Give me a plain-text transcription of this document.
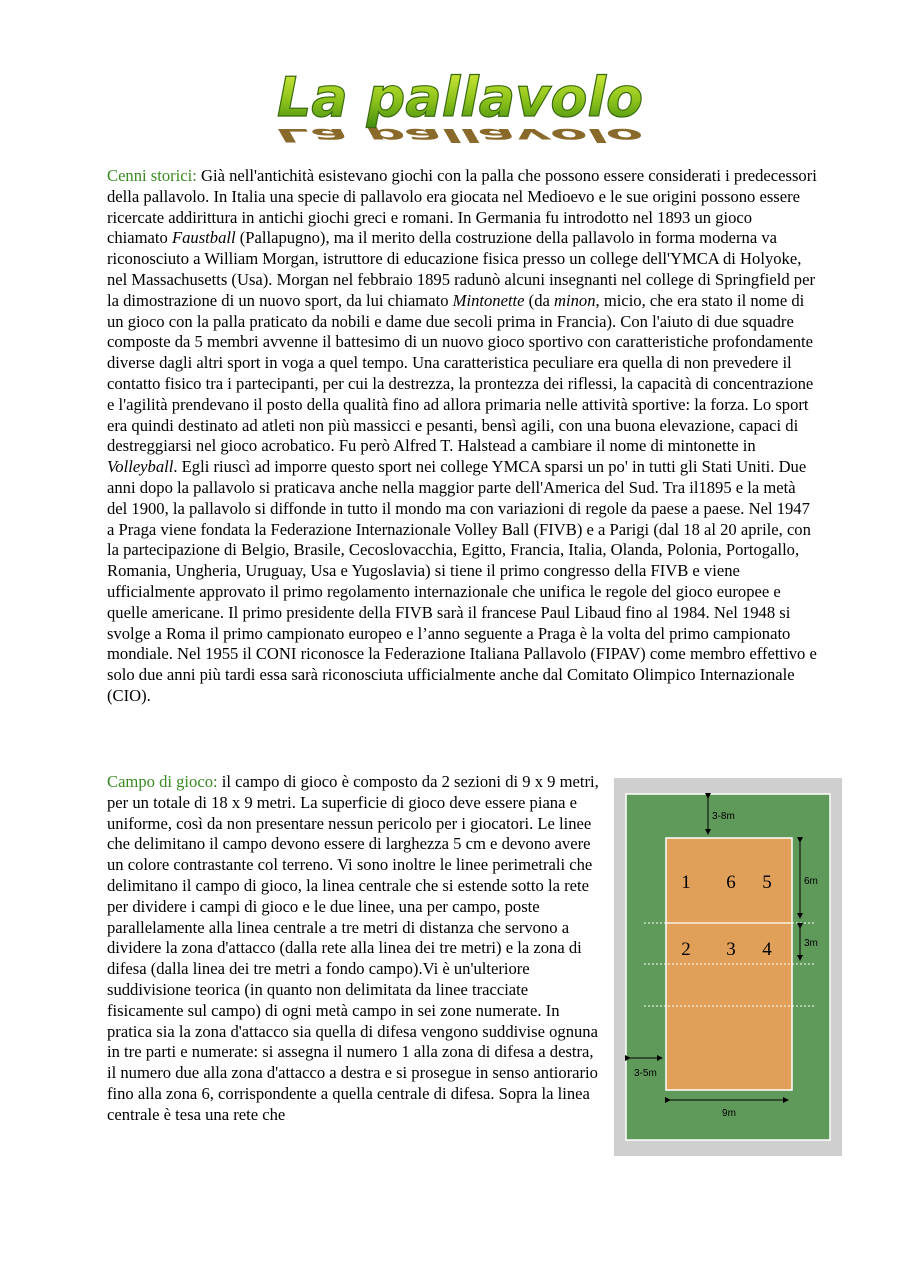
La pallavolo
La pallavolo

Cenni storici: Già nell'antichità esistevano giochi con la palla che possono essere considerati i predecessori della pallavolo. In Italia una specie di pallavolo era giocata nel Medioevo e le sue origini possono essere ricercate addirittura in antichi giochi greci e romani. In Germania fu introdotto nel 1893 un gioco chiamato Faustball (Pallapugno), ma il merito della costruzione della pallavolo in forma moderna va riconosciuto a William Morgan, istruttore di educazione fisica presso un college dell'YMCA di Holyoke, nel Massachusetts (Usa). Morgan nel febbraio 1895 radunò alcuni insegnanti nel college di Springfield per la dimostrazione di un nuovo sport, da lui chiamato Mintonette (da minon, micio, che era stato il nome di un gioco con la palla praticato da nobili e dame due secoli prima in Francia). Con l'aiuto di due squadre composte da 5 membri avvenne il battesimo di un nuovo gioco sportivo con caratteristiche profondamente diverse dagli altri sport in voga a quel tempo. Una caratteristica peculiare era quella di non prevedere il contatto fisico tra i partecipanti, per cui la destrezza, la prontezza dei riflessi, la capacità di concentrazione e l'agilità prendevano il posto della qualità fino ad allora primaria nelle attività sportive: la forza. Lo sport era quindi destinato ad atleti non più massicci e pesanti, bensì agili, con una buona elevazione, capaci di destreggiarsi nel gioco acrobatico. Fu però Alfred T. Halstead a cambiare il nome di mintonette in Volleyball. Egli riuscì ad imporre questo sport nei college YMCA sparsi un po' in tutti gli Stati Uniti. Due anni dopo la pallavolo si praticava anche nella maggior parte dell'America del Sud. Tra il1895 e la metà del 1900, la pallavolo si diffonde in tutto il mondo ma con variazioni di regole da paese a paese. Nel 1947 a Praga viene fondata la Federazione Internazionale Volley Ball (FIVB) e a Parigi (dal 18 al 20 aprile, con la partecipazione di Belgio, Brasile, Cecoslovacchia, Egitto, Francia, Italia, Olanda, Polonia, Portogallo, Romania, Ungheria, Uruguay, Usa e Yugoslavia) si tiene il primo congresso della FIVB e viene ufficialmente approvato il primo regolamento internazionale che unifica le regole del gioco europee e quelle americane. Il primo presidente della FIVB sarà il francese Paul Libaud fino al 1984. Nel 1948 si svolge a Roma il primo campionato europeo e l’anno seguente a Praga è la volta del primo campionato mondiale. Nel 1955 il CONI riconosce la Federazione Italiana Pallavolo (FIPAV) come membro effettivo e solo due anni più tardi essa sarà riconosciuta ufficialmente anche dal Comitato Olimpico Internazionale (CIO).

Campo di gioco: il campo di gioco è composto da 2 sezioni di 9 x 9 metri, per un totale di 18 x 9 metri. La superficie di gioco deve essere piana e uniforme, così da non presentare nessun pericolo per i giocatori. Le linee che delimitano il campo devono essere di larghezza 5 cm e devono avere un colore contrastante col terreno. Vi sono inoltre le linee perimetrali che delimitano il campo di gioco, la linea centrale che si estende sotto la rete per dividere i campi di gioco e le due linee, una per campo, poste parallelamente alla linea centrale a tre metri di distanza che servono a dividere la zona d'attacco (dalla rete alla linea dei tre metri) e la zona di difesa (dalla linea dei tre metri a fondo campo).Vi è un'ulteriore suddivisione teorica (in quanto non delimitata da linee tracciate fisicamente sul campo) di ogni metà campo in sei zone numerate. In pratica sia la zona d'attacco sia quella di difesa vengono suddivise ognuna in tre parti e numerate: si assegna il numero 1 alla zona di difesa a destra, il numero due alla zona d'attacco a destra e si prosegue in senso antiorario fino alla zona 6, corrispondente a quella centrale di difesa. Sopra la linea centrale è tesa una rete che

1 6 5
2 3 4
3-8m
6m
3m
3-5m
9m
